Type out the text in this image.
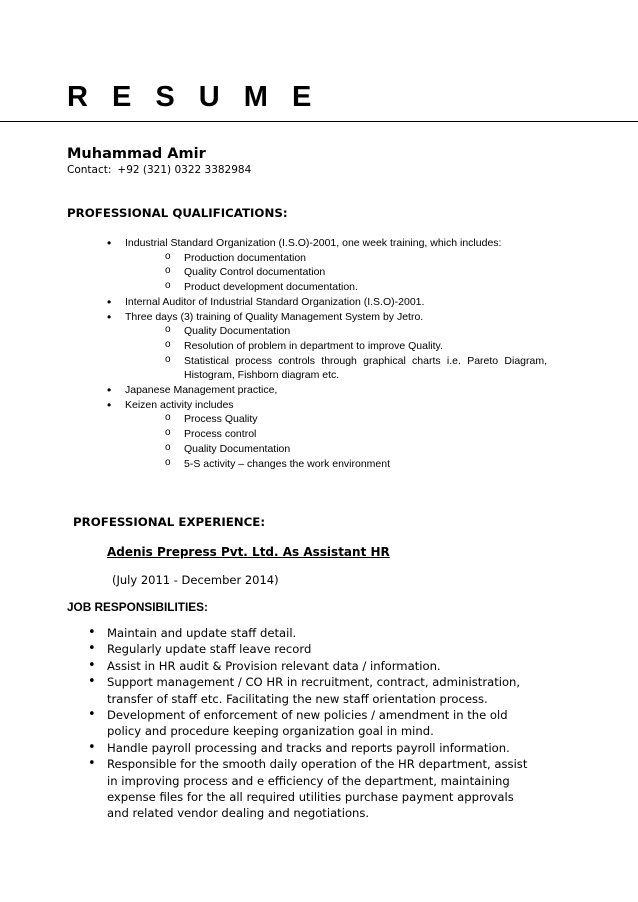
R E S U M E
Muhammad Amir
Contact: +92 (321) 0322 3382984
PROFESSIONAL QUALIFICATIONS:
• Industrial Standard Organization (I.S.O)-2001, one week training, which includes:
o Production documentation
o Quality Control documentation
o Product development documentation.
• Internal Auditor of Industrial Standard Organization (I.S.O)-2001.
• Three days (3) training of Quality Management System by Jetro.
o Quality Documentation
o Resolution of problem in department to improve Quality.
o Statistical process controls through graphical charts i.e. Pareto Diagram, Histogram, Fishborn diagram etc.
• Japanese Management practice,
• Keizen activity includes
o Process Quality
o Process control
o Quality Documentation
o 5-S activity – changes the work environment
PROFESSIONAL EXPERIENCE:
Adenis Prepress Pvt. Ltd. As Assistant HR
(July 2011 - December 2014)
JOB RESPONSIBILITIES:
• Maintain and update staff detail.
• Regularly update staff leave record
• Assist in HR audit & Provision relevant data / information.
• Support management / CO HR in recruitment, contract, administration, transfer of staff etc. Facilitating the new staff orientation process.
• Development of enforcement of new policies / amendment in the old policy and procedure keeping organization goal in mind.
• Handle payroll processing and tracks and reports payroll information.
• Responsible for the smooth daily operation of the HR department, assist in improving process and e efficiency of the department, maintaining expense files for the all required utilities purchase payment approvals and related vendor dealing and negotiations.
